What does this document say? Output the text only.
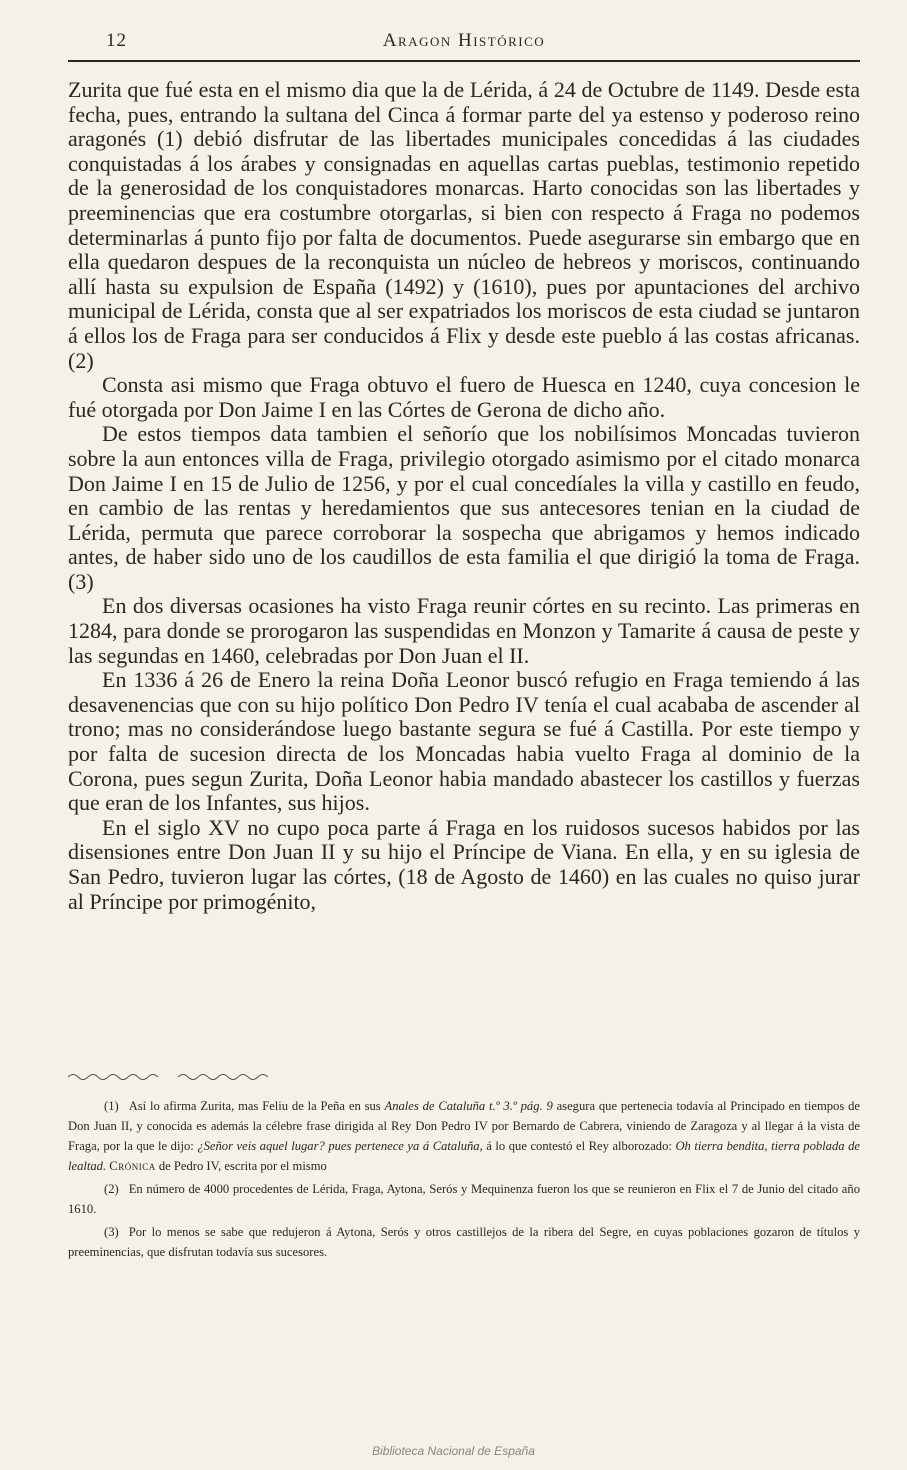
12	Aragon Histórico

Zurita que fué esta en el mismo dia que la de Lérida, á 24 de Octubre de 1149. Desde esta fecha, pues, entrando la sultana del Cinca á formar parte del ya estenso y poderoso reino aragonés (1) debió disfrutar de las libertades municipales concedidas á las ciudades conquistadas á los árabes y consignadas en aquellas cartas pueblas, testimonio repetido de la generosidad de los conquistadores monarcas. Harto conocidas son las libertades y preeminencias que era costumbre otorgarlas, si bien con respecto á Fraga no podemos determinarlas á punto fijo por falta de documentos. Puede asegurarse sin embargo que en ella quedaron despues de la reconquista un núcleo de hebreos y moriscos, continuando allí hasta su expulsion de España (1492) y (1610), pues por apuntaciones del archivo municipal de Lérida, consta que al ser expatriados los moriscos de esta ciudad se juntaron á ellos los de Fraga para ser conducidos á Flix y desde este pueblo á las costas africanas. (2)

Consta asi mismo que Fraga obtuvo el fuero de Huesca en 1240, cuya concesion le fué otorgada por Don Jaime I en las Córtes de Gerona de dicho año.

De estos tiempos data tambien el señorío que los nobilísimos Moncadas tuvieron sobre la aun entonces villa de Fraga, privilegio otorgado asimismo por el citado monarca Don Jaime I en 15 de Julio de 1256, y por el cual concedíales la villa y castillo en feudo, en cambio de las rentas y heredamientos que sus antecesores tenian en la ciudad de Lérida, permuta que parece corroborar la sospecha que abrigamos y hemos indicado antes, de haber sido uno de los caudillos de esta familia el que dirigió la toma de Fraga. (3)

En dos diversas ocasiones ha visto Fraga reunir córtes en su recinto. Las primeras en 1284, para donde se prorogaron las suspendidas en Monzon y Tamarite á causa de peste y las segundas en 1460, celebradas por Don Juan el II.

En 1336 á 26 de Enero la reina Doña Leonor buscó refugio en Fraga temiendo á las desavenencias que con su hijo político Don Pedro IV tenía el cual acababa de ascender al trono; mas no considerándose luego bastante segura se fué á Castilla. Por este tiempo y por falta de sucesion directa de los Moncadas habia vuelto Fraga al dominio de la Corona, pues segun Zurita, Doña Leonor habia mandado abastecer los castillos y fuerzas que eran de los Infantes, sus hijos.

En el siglo XV no cupo poca parte á Fraga en los ruidosos sucesos habidos por las disensiones entre Don Juan II y su hijo el Príncipe de Viana. En ella, y en su iglesia de San Pedro, tuvieron lugar las córtes, (18 de Agosto de 1460) en las cuales no quiso jurar al Príncipe por primogénito,

(1) Así lo afirma Zurita, mas Feliu de la Peña en sus Anales de Cataluña t.º 3.º pág. 9 asegura que pertenecia todavía al Principado en tiempos de Don Juan II, y conocida es además la célebre frase dirigida al Rey Don Pedro IV por Bernardo de Cabrera, viniendo de Zaragoza y al llegar á la vista de Fraga, por la que le dijo: ¿Señor veis aquel lugar? pues pertenece ya á Cataluña, á lo que contestó el Rey alborozado: Oh tierra bendita, tierra poblada de lealtad. Crónica de Pedro IV, escrita por el mismo

(2) En número de 4000 procedentes de Lérida, Fraga, Aytona, Serós y Mequinenza fueron los que se reunieron en Flix el 7 de Junio del citado año 1610.

(3) Por lo menos se sabe que redujeron á Aytona, Serós y otros castillejos de la ribera del Segre, en cuyas poblaciones gozaron de títulos y preeminencias, que disfrutan todavía sus sucesores.

Biblioteca Nacional de España
